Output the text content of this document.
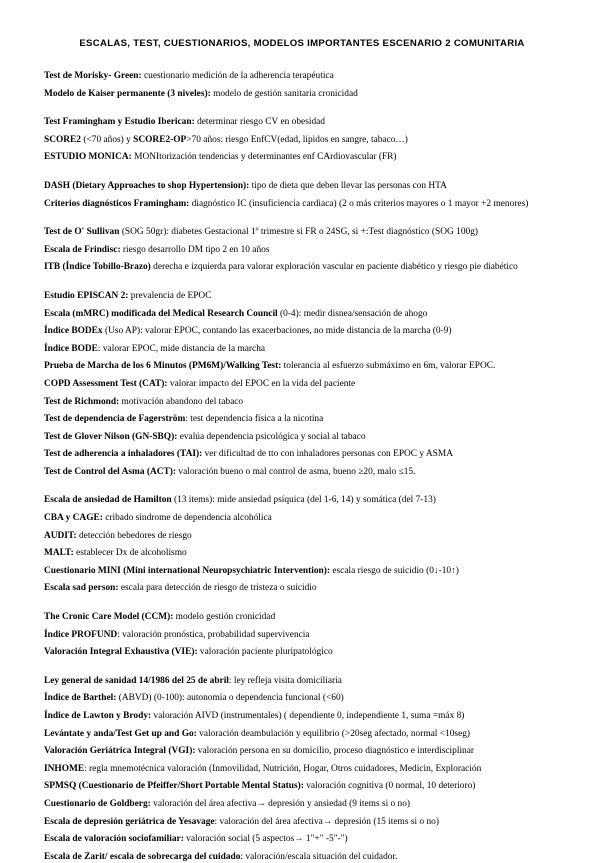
ESCALAS, TEST, CUESTIONARIOS, MODELOS IMPORTANTES ESCENARIO 2 COMUNITARIA

Test de Morisky- Green: cuestionario medición de la adherencia terapéutica

Modelo de Kaiser permanente (3 niveles): modelo de gestión sanitaria cronicidad

Test Framingham y Estudio Iberican: determinar riesgo CV en obesidad

SCORE2 (<70 años) y SCORE2-OP>70 años: riesgo EnfCV(edad, lípidos en sangre, tabaco…)

ESTUDIO MONICA: MONItorización tendencias y determinantes enf CArdiovascular (FR)

DASH (Dietary Approaches to shop Hypertension): tipo de dieta que deben llevar las personas con HTA

Criterios diagnósticos Framingham: diagnóstico IC (insuficiencia cardiaca) (2 o más criterios mayores o 1 mayor +2 menores)

Test de O' Sullivan (SOG 50gr): diabetes Gestacional 1º trimestre si FR o 24SG, si +:Test diagnóstico (SOG 100g)

Escala de Frindisc: riesgo desarrollo DM tipo 2 en 10 años

ITB (Índice Tobillo-Brazo) derecha e izquierda para valorar exploración vascular en paciente diabético y riesgo pie diabético

Estudio EPISCAN 2: prevalencia de EPOC

Escala (mMRC) modificada del Medical Research Council (0-4): medir disnea/sensación de ahogo

Índice BODEx (Uso AP): valorar EPOC, contando las exacerbaciones, no mide distancia de la marcha (0-9)

Índice BODE: valorar EPOC, mide distancia de la marcha

Prueba de Marcha de los 6 Minutos (PM6M)/Walking Test: tolerancia al esfuerzo submáximo en 6m, valorar EPOC.

COPD Assessment Test (CAT): valorar impacto del EPOC en la vida del paciente

Test de Richmond: motivación abandono del tabaco

Test de dependencia de Fagerström: test dependencia física a la nicotina

Test de Glover Nilson (GN-SBQ): evalúa dependencia psicológica y social al tabaco

Test de adherencia a inhaladores (TAI): ver dificultad de tto con inhaladores personas con EPOC y ASMA

Test de Control del Asma (ACT): valoración bueno o mal control de asma, bueno ≥20, malo ≤15.

Escala de ansiedad de Hamilton (13 items): mide ansiedad psíquica (del 1-6, 14) y somática (del 7-13)

CBA y CAGE: cribado síndrome de dependencia alcohólica

AUDIT: detección bebedores de riesgo

MALT: establecer Dx de alcoholismo

Cuestionario MINI (Mini international Neuropsychiatric Intervention): escala riesgo de suicidio (0↓-10↑)

Escala sad person: escala para detección de riesgo de tristeza o suicidio

The Cronic Care Model (CCM): modelo gestión cronicidad

Índice PROFUND: valoración pronóstica, probabilidad supervivencia

Valoración Integral Exhaustiva (VIE): valoración paciente pluripatológico

Ley general de sanidad 14/1986 del 25 de abril: ley refleja visita domiciliaria

Índice de Barthel: (ABVD) (0-100): autonomía o dependencia funcional (<60)

Índice de Lawton y Brody: valoración AIVD (instrumentales) ( dependiente 0, independiente 1, suma =máx 8)

Levántate y anda/Test Get up and Go: valoración deambulación y equilibrio (>20seg afectado, normal <10seg)

Valoración Geriátrica Integral (VGI): valoración persona en su domicilio, proceso diagnóstico e interdisciplinar

INHOME: regla mnemotécnica valoración (Inmovilidad, Nutrición, Hogar, Otros cuidadores, Medicin, Exploración

SPMSQ (Cuestionario de Pfeiffer/Short Portable Mental Status): valoración cognitiva (0 normal, 10 deterioro)

Cuestionario de Goldberg: valoración del área afectiva→ depresión y ansiedad (9 items si o no)

Escala de depresión geriátrica de Yesavage: valoración del área afectiva→ depresión (15 items si o no)

Escala de valoración sociofamiliar: valoración social (5 aspectos→ 1"+" -5"-")

Escala de Zarit/ escala de sobrecarga del cuidado: valoración/escala situación del cuidador.
